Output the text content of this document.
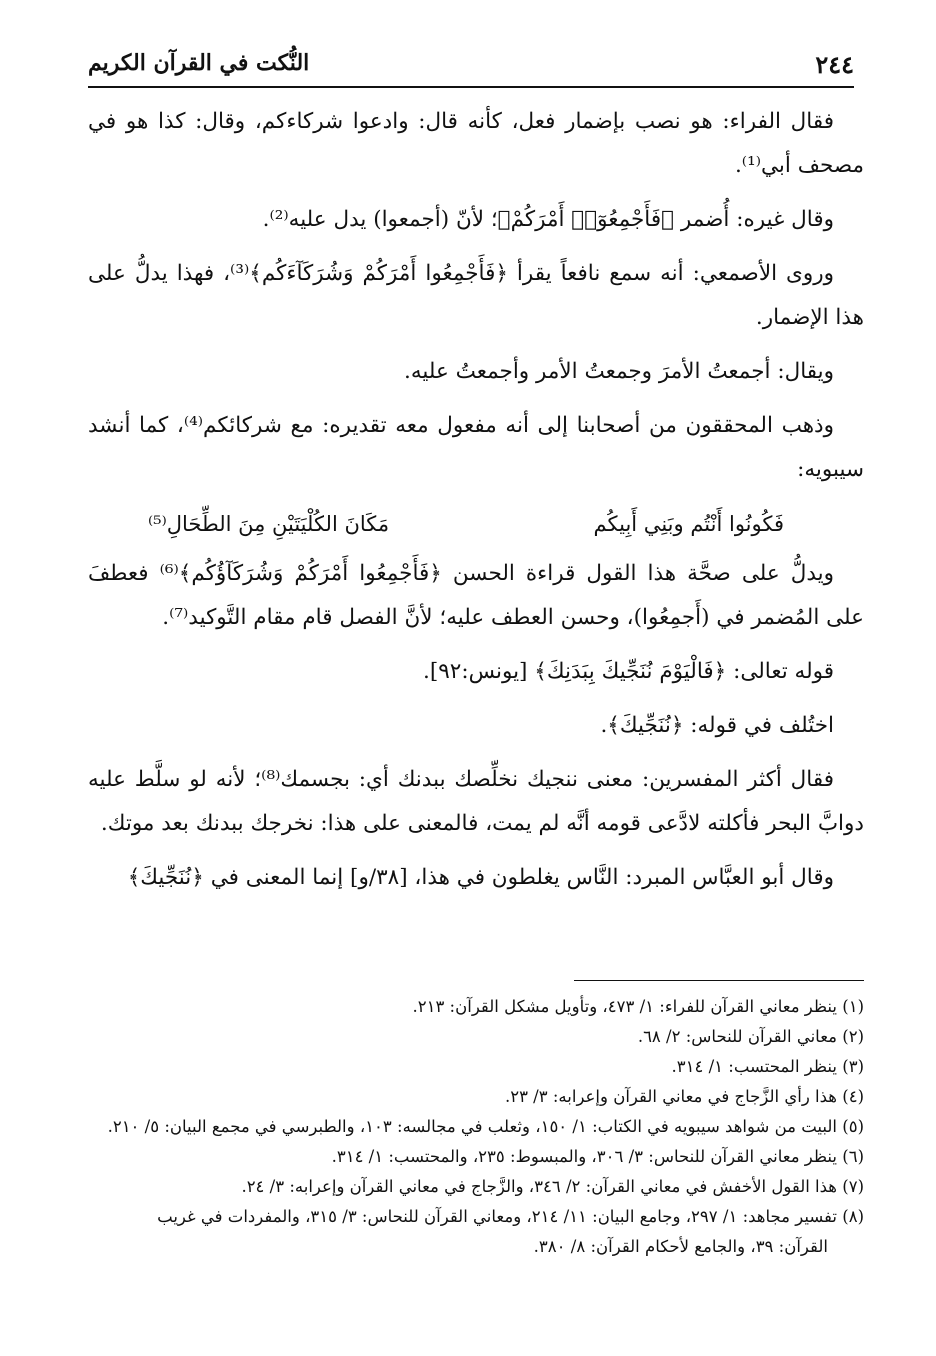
٢٤٤
النُّكت في القرآن الكريم

فقال الفراء: هو نصب بإضمار فعل، كأنه قال: وادعوا شركاءكم، وقال: كذا هو في مصحف أبي⁽¹⁾.

وقال غيره: أُضمر ﴿فَأَجْمِعُوٓا۟ أَمْرَكُمْ﴾؛ لأنّ (أجمعوا) يدل عليه⁽²⁾.

وروى الأصمعي: أنه سمع نافعاً يقرأ ﴿فَأَجْمِعُوا أَمْرَكُمْ وَشُرَكَآءَكُم﴾⁽³⁾، فهذا يدلُّ على هذا الإضمار.

ويقال: أجمعتُ الأمرَ وجمعتُ الأمر وأجمعتُ عليه.

وذهب المحققون من أصحابنا إلى أنه مفعول معه تقديره: مع شركائكم⁽⁴⁾، كما أنشد سيبويه:

فَكُونُوا أَنْتُم وبَنِي أَبِيكُم
مَكَانَ الكُلْيَتَيْنِ مِنَ الطِّحَالِ⁽⁵⁾

ويدلُّ على صحَّة هذا القول قراءة الحسن ﴿فَأَجْمِعُوا أَمْرَكُمْ وَشُرَكَآؤُكُم﴾⁽⁶⁾ فعطفَ على المُضمر في (أَجمِعُوا)، وحسن العطف عليه؛ لأنَّ الفصل قام مقام التَّوكيد⁽⁷⁾.

قوله تعالى: ﴿فَالْيَوْمَ نُنَجِّيكَ بِبَدَنِكَ﴾ [يونس:٩٢].

اختُلف في قوله: ﴿نُنَجِّيكَ﴾.

فقال أكثر المفسرين: معنى ننجيك نخلِّصك ببدنك أي: بجسمك⁽⁸⁾؛ لأنه لو سلَّط عليه دوابَّ البحر فأكلته لادَّعى قومه أنَّه لم يمت، فالمعنى على هذا: نخرجك ببدنك بعد موتك.

وقال أبو العبَّاس المبرد: النَّاس يغلطون في هذا، [٣٨/و] إنما المعنى في ﴿نُنَجِّيكَ﴾

(١) ينظر معاني القرآن للفراء: ١/ ٤٧٣، وتأويل مشكل القرآن: ٢١٣.

(٢) معاني القرآن للنحاس: ٢/ ٦٨.

(٣) ينظر المحتسب: ١/ ٣١٤.

(٤) هذا رأي الزَّجاج في معاني القرآن وإعرابه: ٣/ ٢٣.

(٥) البيت من شواهد سيبويه في الكتاب: ١/ ١٥٠، وثعلب في مجالسه: ١٠٣، والطبرسي في مجمع البيان: ٥/ ٢١٠.

(٦) ينظر معاني القرآن للنحاس: ٣/ ٣٠٦، والمبسوط: ٢٣٥، والمحتسب: ١/ ٣١٤.

(٧) هذا القول الأخفش في معاني القرآن: ٢/ ٣٤٦، والزَّجاج في معاني القرآن وإعرابه: ٣/ ٢٤.

(٨) تفسير مجاهد: ١/ ٢٩٧، وجامع البيان: ١١/ ٢١٤، ومعاني القرآن للنحاس: ٣/ ٣١٥، والمفردات في غريب

القرآن: ٣٩، والجامع لأحكام القرآن: ٨/ ٣٨٠.
